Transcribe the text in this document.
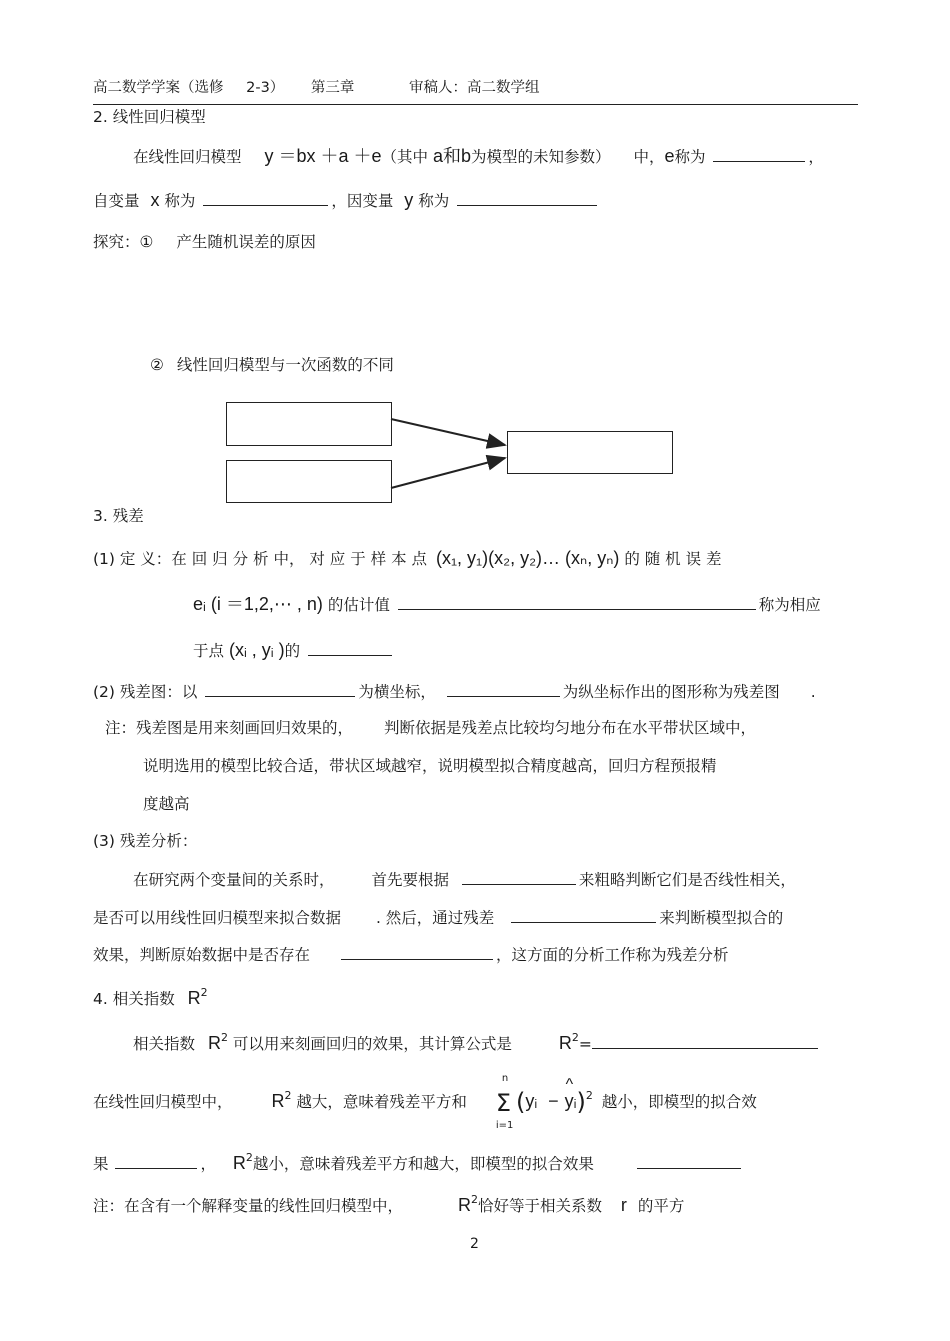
高二数学学案（选修 2-3） 第三章	审稿人：高二数学组
2. 线性回归模型
在线性回归模型 y ＝bx ＋a ＋e（其中 a和b为模型的未知参数） 中，e称为	，
自变量 x 称为	，因变量 y 称为
探究：① 产生随机误差的原因
② 线性回归模型与一次函数的不同
3. 残差
(1) 定 义：在 回 归 分 析 中， 对 应 于 样 本 点 (x₁, y₁)(x₂, y₂)… (xₙ, yₙ) 的 随 机 误 差
eᵢ (i ＝1,2,⋯ , n) 的估计值	称为相应
于点 (xᵢ , yᵢ )的
(2) 残差图：以	为横坐标，	为纵坐标作出的图形称为残差图 .
注：残差图是用来刻画回归效果的， 判断依据是残差点比较均匀地分布在水平带状区域中，
说明选用的模型比较合适，带状区域越窄，说明模型拟合精度越高，回归方程预报精
度越高
(3) 残差分析：
在研究两个变量间的关系时， 首先要根据	来粗略判断它们是否线性相关，
是否可以用线性回归模型来拟合数据 . 然后，通过残差	来判断模型拟合的
效果，判断原始数据中是否存在	，这方面的分析工作称为残差分析
4. 相关指数 $R^2$
相关指数 $R^2$ 可以用来刻画回归的效果，其计算公式是	$R^2=$
在线性回归模型中， $R^2$ 越大，意味着残差平方和
n
Σ
i=1
(yᵢ −^ yᵢ)$^2$ 越小，即模型的拟合效
果	， $R^2$越小，意味着残差平方和越大，即模型的拟合效果
注：在含有一个解释变量的线性回归模型中，	$R^2$恰好等于相关系数 r 的平方
2
